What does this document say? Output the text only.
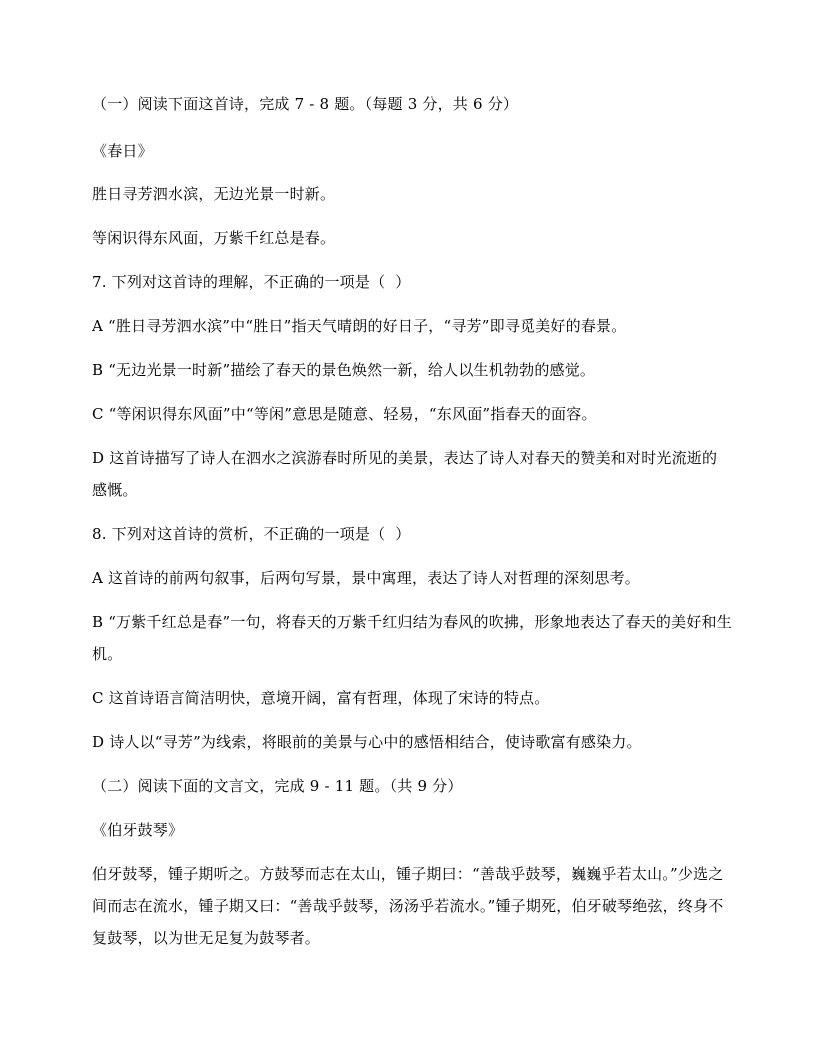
（一）阅读下面这首诗，完成 7 - 8 题。（每题 3 分，共 6 分）
《春日》
胜日寻芳泗水滨，无边光景一时新。
等闲识得东风面，万紫千红总是春。
7. 下列对这首诗的理解，不正确的一项是（  ）
A “胜日寻芳泗水滨”中“胜日”指天气晴朗的好日子，“寻芳”即寻觅美好的春景。
B “无边光景一时新”描绘了春天的景色焕然一新，给人以生机勃勃的感觉。
C “等闲识得东风面”中“等闲”意思是随意、轻易，“东风面”指春天的面容。
D 这首诗描写了诗人在泗水之滨游春时所见的美景，表达了诗人对春天的赞美和对时光流逝的感慨。
8. 下列对这首诗的赏析，不正确的一项是（  ）
A 这首诗的前两句叙事，后两句写景，景中寓理，表达了诗人对哲理的深刻思考。
B “万紫千红总是春”一句，将春天的万紫千红归结为春风的吹拂，形象地表达了春天的美好和生机。
C 这首诗语言简洁明快，意境开阔，富有哲理，体现了宋诗的特点。
D 诗人以“寻芳”为线索，将眼前的美景与心中的感悟相结合，使诗歌富有感染力。
（二）阅读下面的文言文，完成 9 - 11 题。（共 9 分）
《伯牙鼓琴》
伯牙鼓琴，锺子期听之。方鼓琴而志在太山，锺子期曰：“善哉乎鼓琴，巍巍乎若太山。”少选之间而志在流水，锺子期又曰：“善哉乎鼓琴，汤汤乎若流水。”锺子期死，伯牙破琴绝弦，终身不复鼓琴，以为世无足复为鼓琴者。
